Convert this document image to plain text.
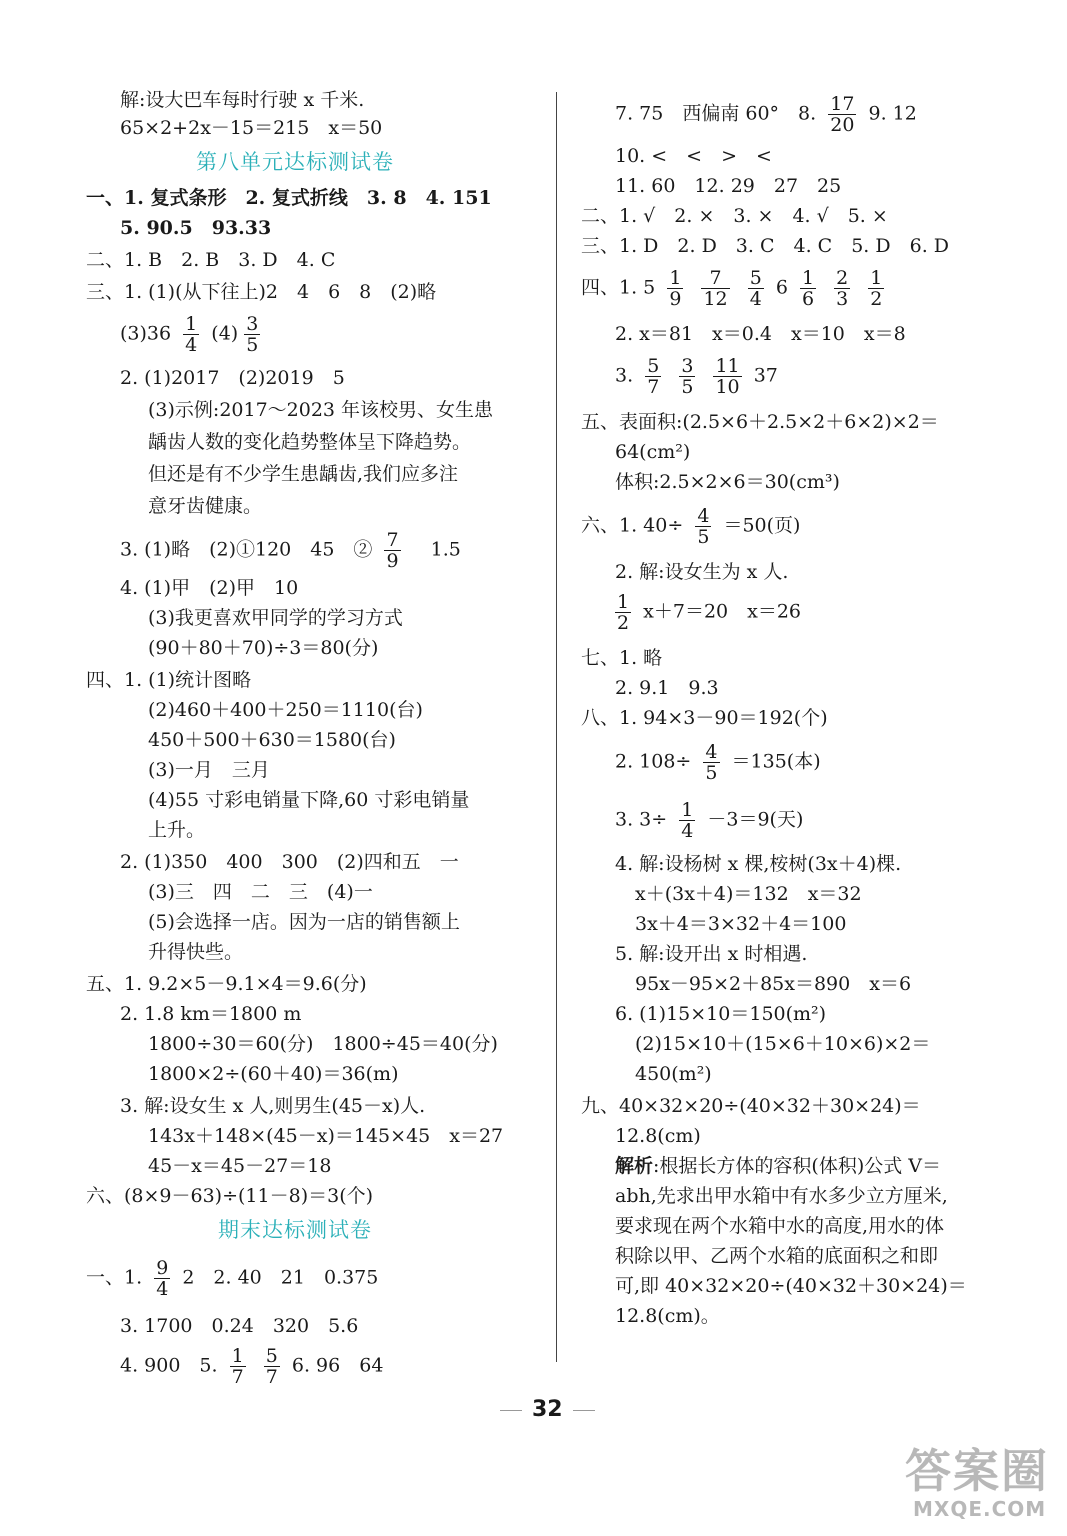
解:设大巴车每时行驶 x 千米.
65×2+2x－15＝215　x＝50
第八单元达标测试卷
一、1. 复式条形　2. 复式折线　3. 8　4. 151
5. 90.5　93.33
二、1. B　2. B　3. D　4. C
三、1. (1)(从下往上)2　4　6　8　(2)略
$(3)36 \frac{1}{4} (4) \frac{3}{5}$
2. (1)2017　(2)2019　5
(3)示例:2017～2023 年该校男、女生患
龋齿人数的变化趋势整体呈下降趋势。
但还是有不少学生患龋齿,我们应多注
意牙齿健康。
3. (1)略　(2)①120　45　② $\frac{7}{9} 1.5$
4. (1)甲　(2)甲　10
(3)我更喜欢甲同学的学习方式
(90＋80＋70)÷3＝80(分)
四、1. (1)统计图略
(2)460＋400＋250＝1110(台)
450＋500＋630＝1580(台)
(3)一月　三月
(4)55 寸彩电销量下降,60 寸彩电销量
上升。
2. (1)350　400　300　(2)四和五　一
(3)三　四　二　三　(4)一
(5)会选择一店。因为一店的销售额上
升得快些。
五、1. 9.2×5－9.1×4＝9.6(分)
2. 1.8 km＝1800 m
1800÷30＝60(分)　1800÷45＝40(分)
1800×2÷(60＋40)＝36(m)
3. 解:设女生 x 人,则男生(45－x)人.
143x＋148×(45－x)＝145×45　x＝27
45－x＝45－27＝18
六、(8×9－63)÷(11－8)＝3(个)
期末达标测试卷
一、1. $\frac{9}{4} 2$　2. 40　21　0.375
3. 1700　0.24　320　5.6
4. 900　5. $\frac{1}{7}$
$\frac{5}{7} 6$. 96　64
7. 75　西偏南 60°　8. $\frac{17}{20} 9$. 12
10. <　<　>　<
11. 60　12. 29　27　25
二、1. √　2. ×　3. ×　4. √　5. ×
三、1. D　2. D　3. C　4. C　5. D　6. D
四、1. $5 \frac{1}{9}$
$\frac{7}{12}$
$\frac{5}{4} 6 \frac{1}{6}$
$\frac{2}{3}$
$\frac{1}{2}$
2. x＝81　x＝0.4　x＝10　x＝8
3. $\frac{5}{7}$
$\frac{3}{5}$
$\frac{11}{10} 37$
五、表面积:(2.5×6＋2.5×2＋6×2)×2＝
64(cm²)
体积:2.5×2×6＝30(cm³)
六、1. $40\div \frac{4}{5} =50$(页)
2. 解:设女生为 x 人.
$\frac{1}{2} x+7=20$　x＝26
七、1. 略
2. 9.1　9.3
八、1. 94×3－90＝192(个)
2. $108\div \frac{4}{5} =135$(本)
3. $3\div \frac{1}{4} -3=9$(天)
4. 解:设杨树 x 棵,桉树(3x＋4)棵.
x＋(3x＋4)＝132　x＝32
3x＋4＝3×32＋4＝100
5. 解:设开出 x 时相遇.
95x－95×2＋85x＝890　x＝6
6. (1)15×10＝150(m²)
(2)15×10＋(15×6＋10×6)×2＝
450(m²)
九、40×32×20÷(40×32＋30×24)＝
12.8(cm)
解析:根据长方体的容积(体积)公式 V＝
abh,先求出甲水箱中有水多少立方厘米,
要求现在两个水箱中水的高度,用水的体
积除以甲、乙两个水箱的底面积之和即
可,即 40×32×20÷(40×32＋30×24)＝
12.8(cm)。
32
答案圈
MXQE.COM
